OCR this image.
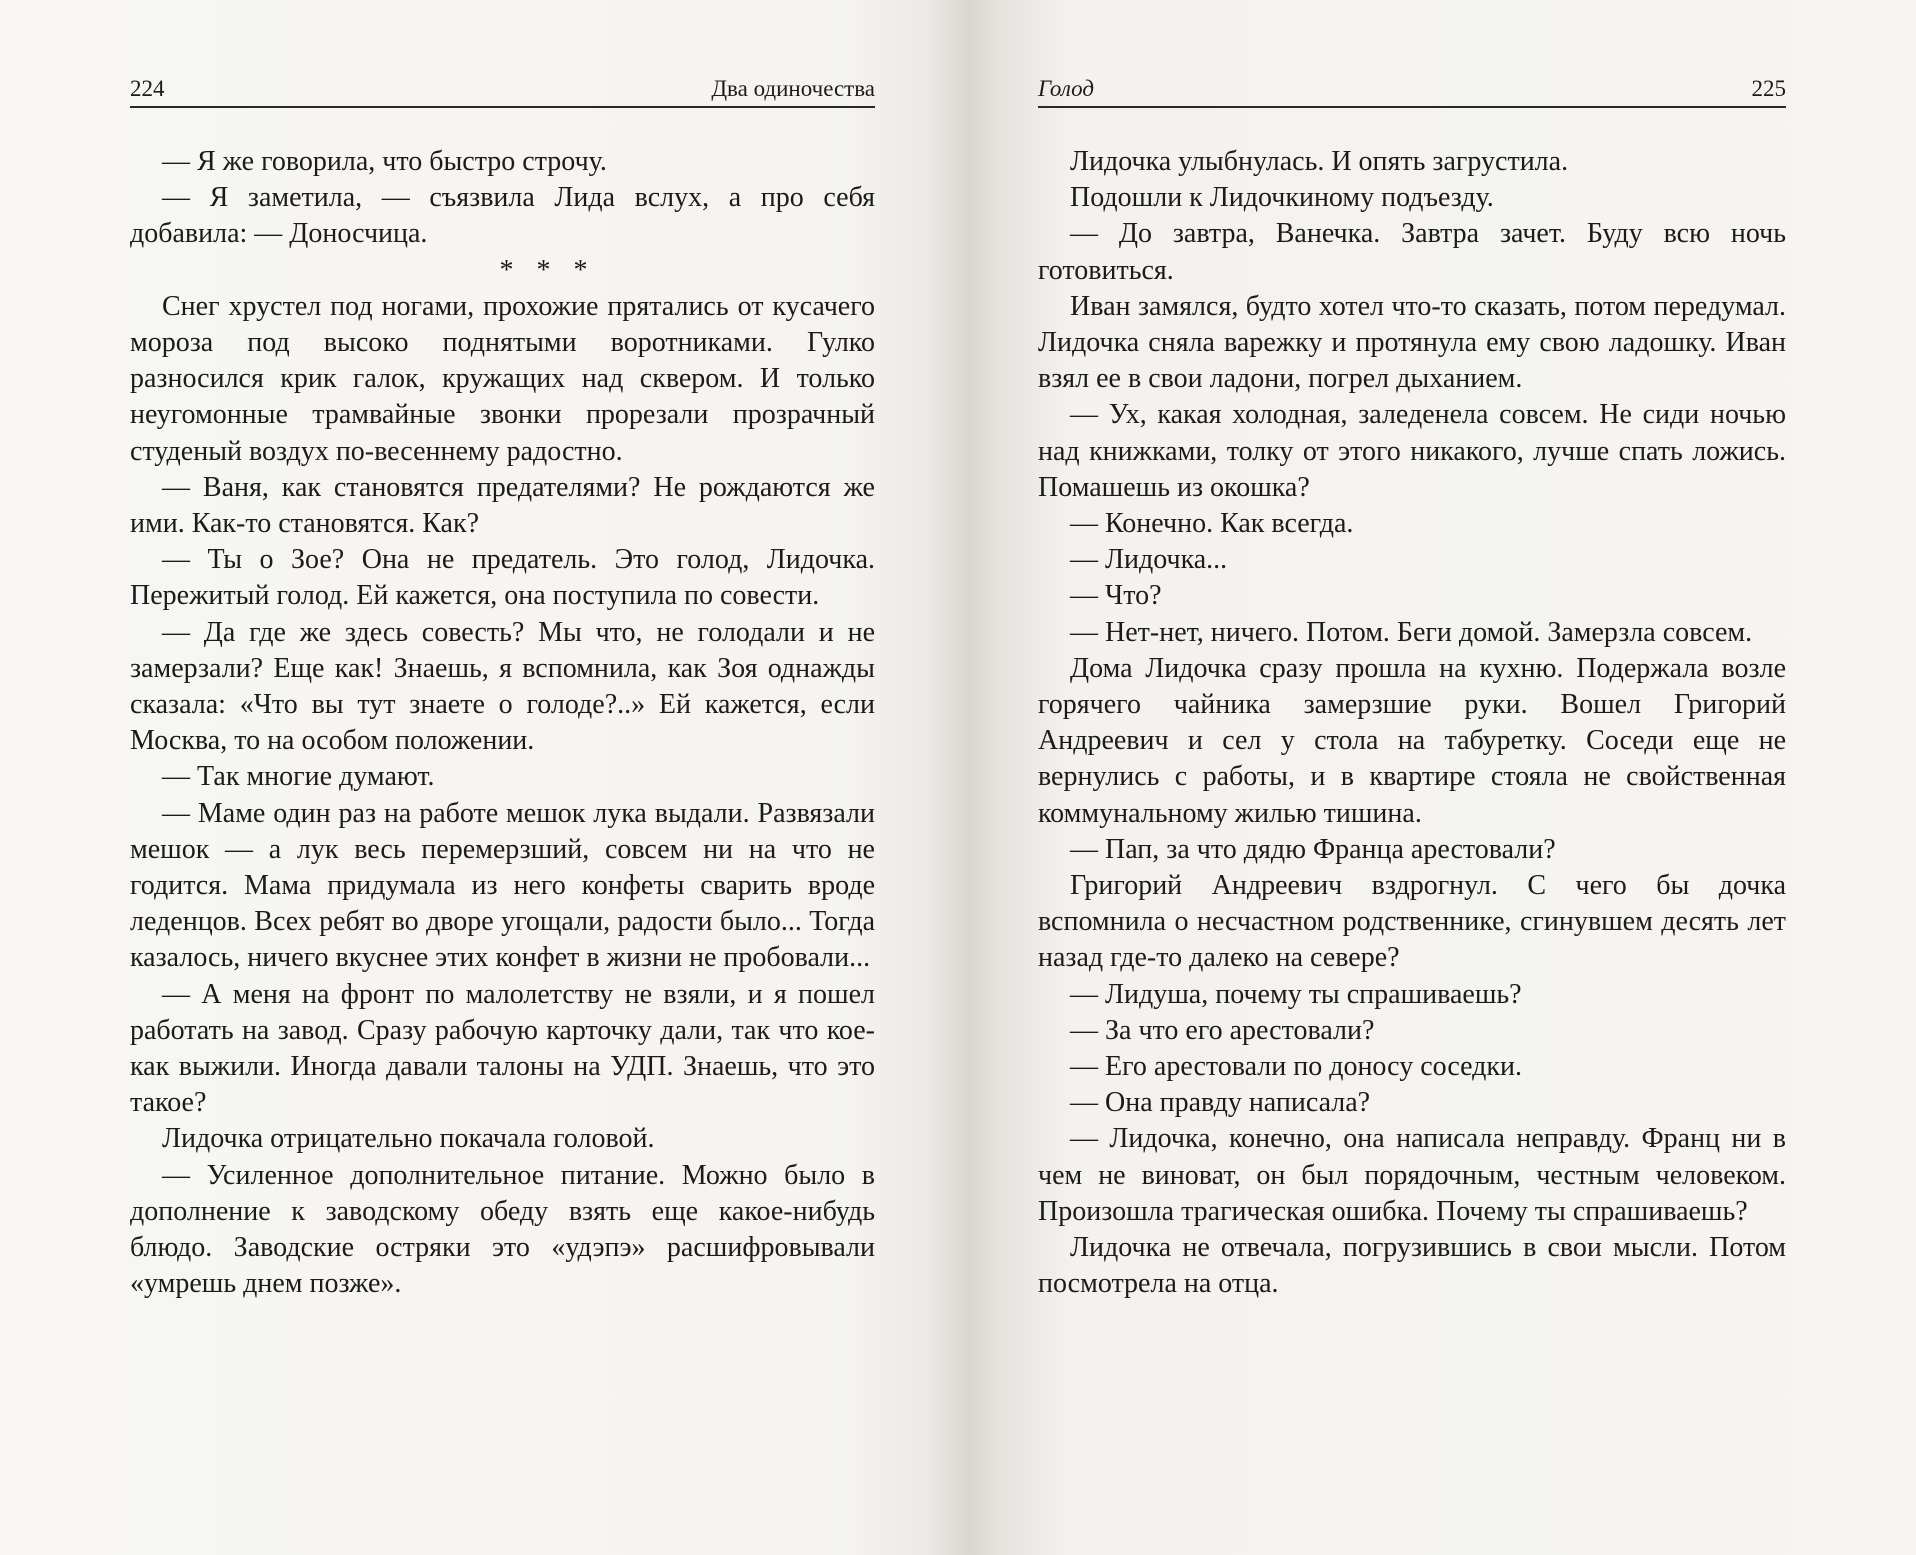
224	Два одиночества

— Я же говорила, что быстро строчу.

— Я заметила, — съязвила Лида вслух, а про себя добавила: — Доносчица.

* * *

Снег хрустел под ногами, прохожие прятались от кусачего мороза под высоко поднятыми воротниками. Гулко разносился крик галок, кружащих над сквером. И только неугомонные трамвайные звонки прорезали прозрачный студеный воздух по-весеннему радостно.

— Ваня, как становятся предателями? Не рождаются же ими. Как-то становятся. Как?

— Ты о Зое? Она не предатель. Это голод, Лидочка. Пережитый голод. Ей кажется, она поступила по совести.

— Да где же здесь совесть? Мы что, не голодали и не замерзали? Еще как! Знаешь, я вспомнила, как Зоя однажды сказала: «Что вы тут знаете о голоде?..» Ей кажется, если Москва, то на особом положении.

— Так многие думают.

— Маме один раз на работе мешок лука выдали. Развязали мешок — а лук весь перемерзший, совсем ни на что не годится. Мама придумала из него конфеты сварить вроде леденцов. Всех ребят во дворе угощали, радости было... Тогда казалось, ничего вкуснее этих конфет в жизни не пробовали...

— А меня на фронт по малолетству не взяли, и я пошел работать на завод. Сразу рабочую карточку дали, так что кое-как выжили. Иногда давали талоны на УДП. Знаешь, что это такое?

Лидочка отрицательно покачала головой.

— Усиленное дополнительное питание. Можно было в дополнение к заводскому обеду взять еще какое-нибудь блюдо. Заводские остряки это «удэпэ» расшифровывали «умрешь днем позже».

Голод	225

Лидочка улыбнулась. И опять загрустила.

Подошли к Лидочкиному подъезду.

— До завтра, Ванечка. Завтра зачет. Буду всю ночь готовиться.

Иван замялся, будто хотел что-то сказать, потом передумал. Лидочка сняла варежку и протянула ему свою ладошку. Иван взял ее в свои ладони, погрел дыханием.

— Ух, какая холодная, заледенела совсем. Не сиди ночью над книжками, толку от этого никакого, лучше спать ложись. Помашешь из окошка?

— Конечно. Как всегда.

— Лидочка...

— Что?

— Нет-нет, ничего. Потом. Беги домой. Замерзла совсем.

Дома Лидочка сразу прошла на кухню. Подержала возле горячего чайника замерзшие руки. Вошел Григорий Андреевич и сел у стола на табуретку. Соседи еще не вернулись с работы, и в квартире стояла не свойственная коммунальному жилью тишина.

— Пап, за что дядю Франца арестовали?

Григорий Андреевич вздрогнул. С чего бы дочка вспомнила о несчастном родственнике, сгинувшем десять лет назад где-то далеко на севере?

— Лидуша, почему ты спрашиваешь?

— За что его арестовали?

— Его арестовали по доносу соседки.

— Она правду написала?

— Лидочка, конечно, она написала неправду. Франц ни в чем не виноват, он был порядочным, честным человеком. Произошла трагическая ошибка. Почему ты спрашиваешь?

Лидочка не отвечала, погрузившись в свои мысли. Потом посмотрела на отца.
